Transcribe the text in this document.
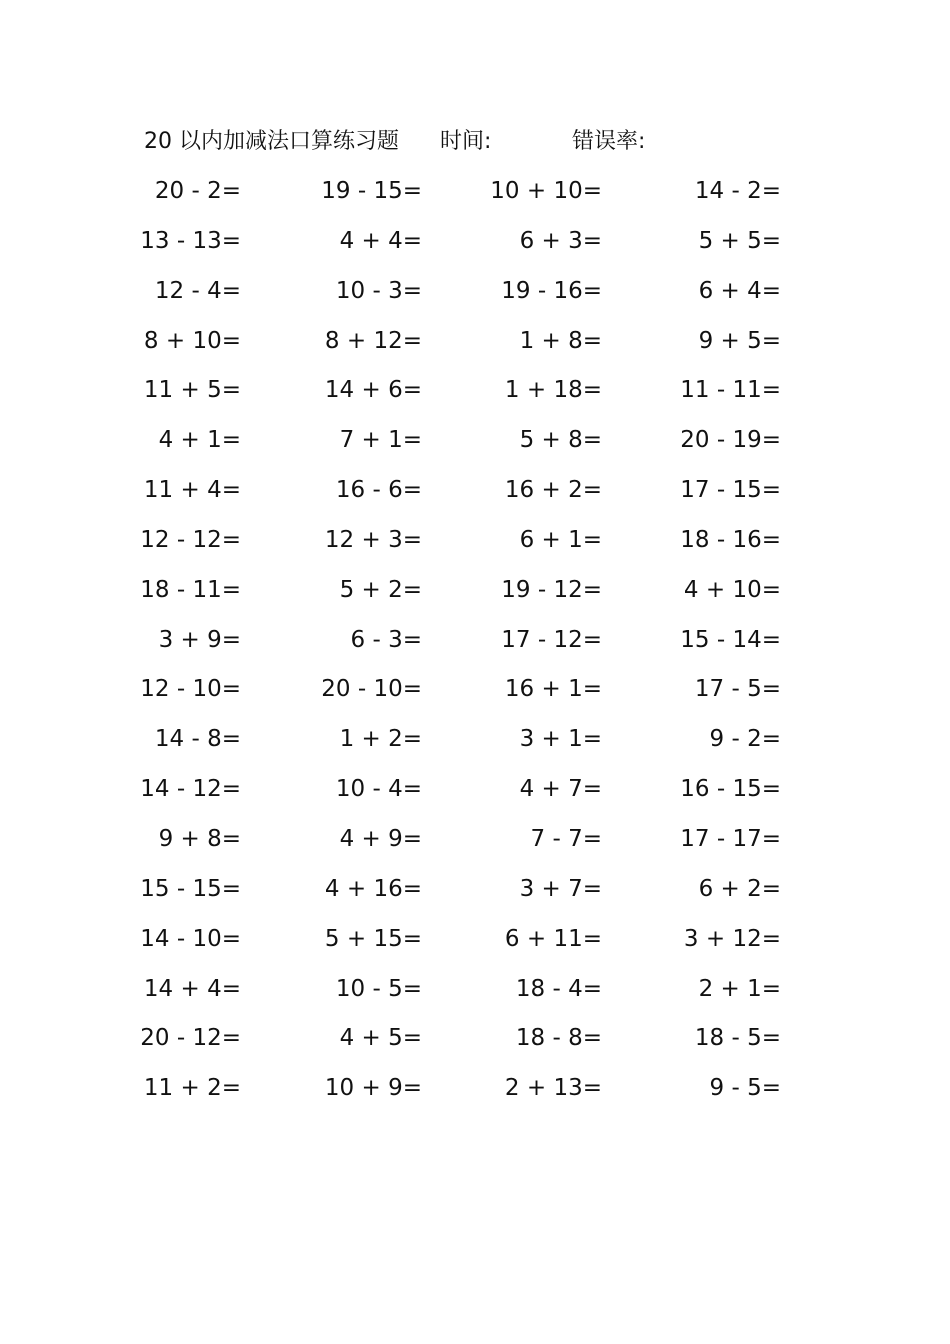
20 以内加减法口算练习题 时间:	错误率:
20 - 2=	19 - 15=	10 + 10=	14 - 2=
13 - 13=	4 + 4=	6 + 3=	5 + 5=
12 - 4=	10 - 3=	19 - 16=	6 + 4=
8 + 10=	8 + 12=	1 + 8=	9 + 5=
11 + 5=	14 + 6=	1 + 18=	11 - 11=
4 + 1=	7 + 1=	5 + 8=	20 - 19=
11 + 4=	16 - 6=	16 + 2=	17 - 15=
12 - 12=	12 + 3=	6 + 1=	18 - 16=
18 - 11=	5 + 2=	19 - 12=	4 + 10=
3 + 9=	6 - 3=	17 - 12=	15 - 14=
12 - 10=	20 - 10=	16 + 1=	17 - 5=
14 - 8=	1 + 2=	3 + 1=	9 - 2=
14 - 12=	10 - 4=	4 + 7=	16 - 15=
9 + 8=	4 + 9=	7 - 7=	17 - 17=
15 - 15=	4 + 16=	3 + 7=	6 + 2=
14 - 10=	5 + 15=	6 + 11=	3 + 12=
14 + 4=	10 - 5=	18 - 4=	2 + 1=
20 - 12=	4 + 5=	18 - 8=	18 - 5=
11 + 2=	10 + 9=	2 + 13=	9 - 5=
